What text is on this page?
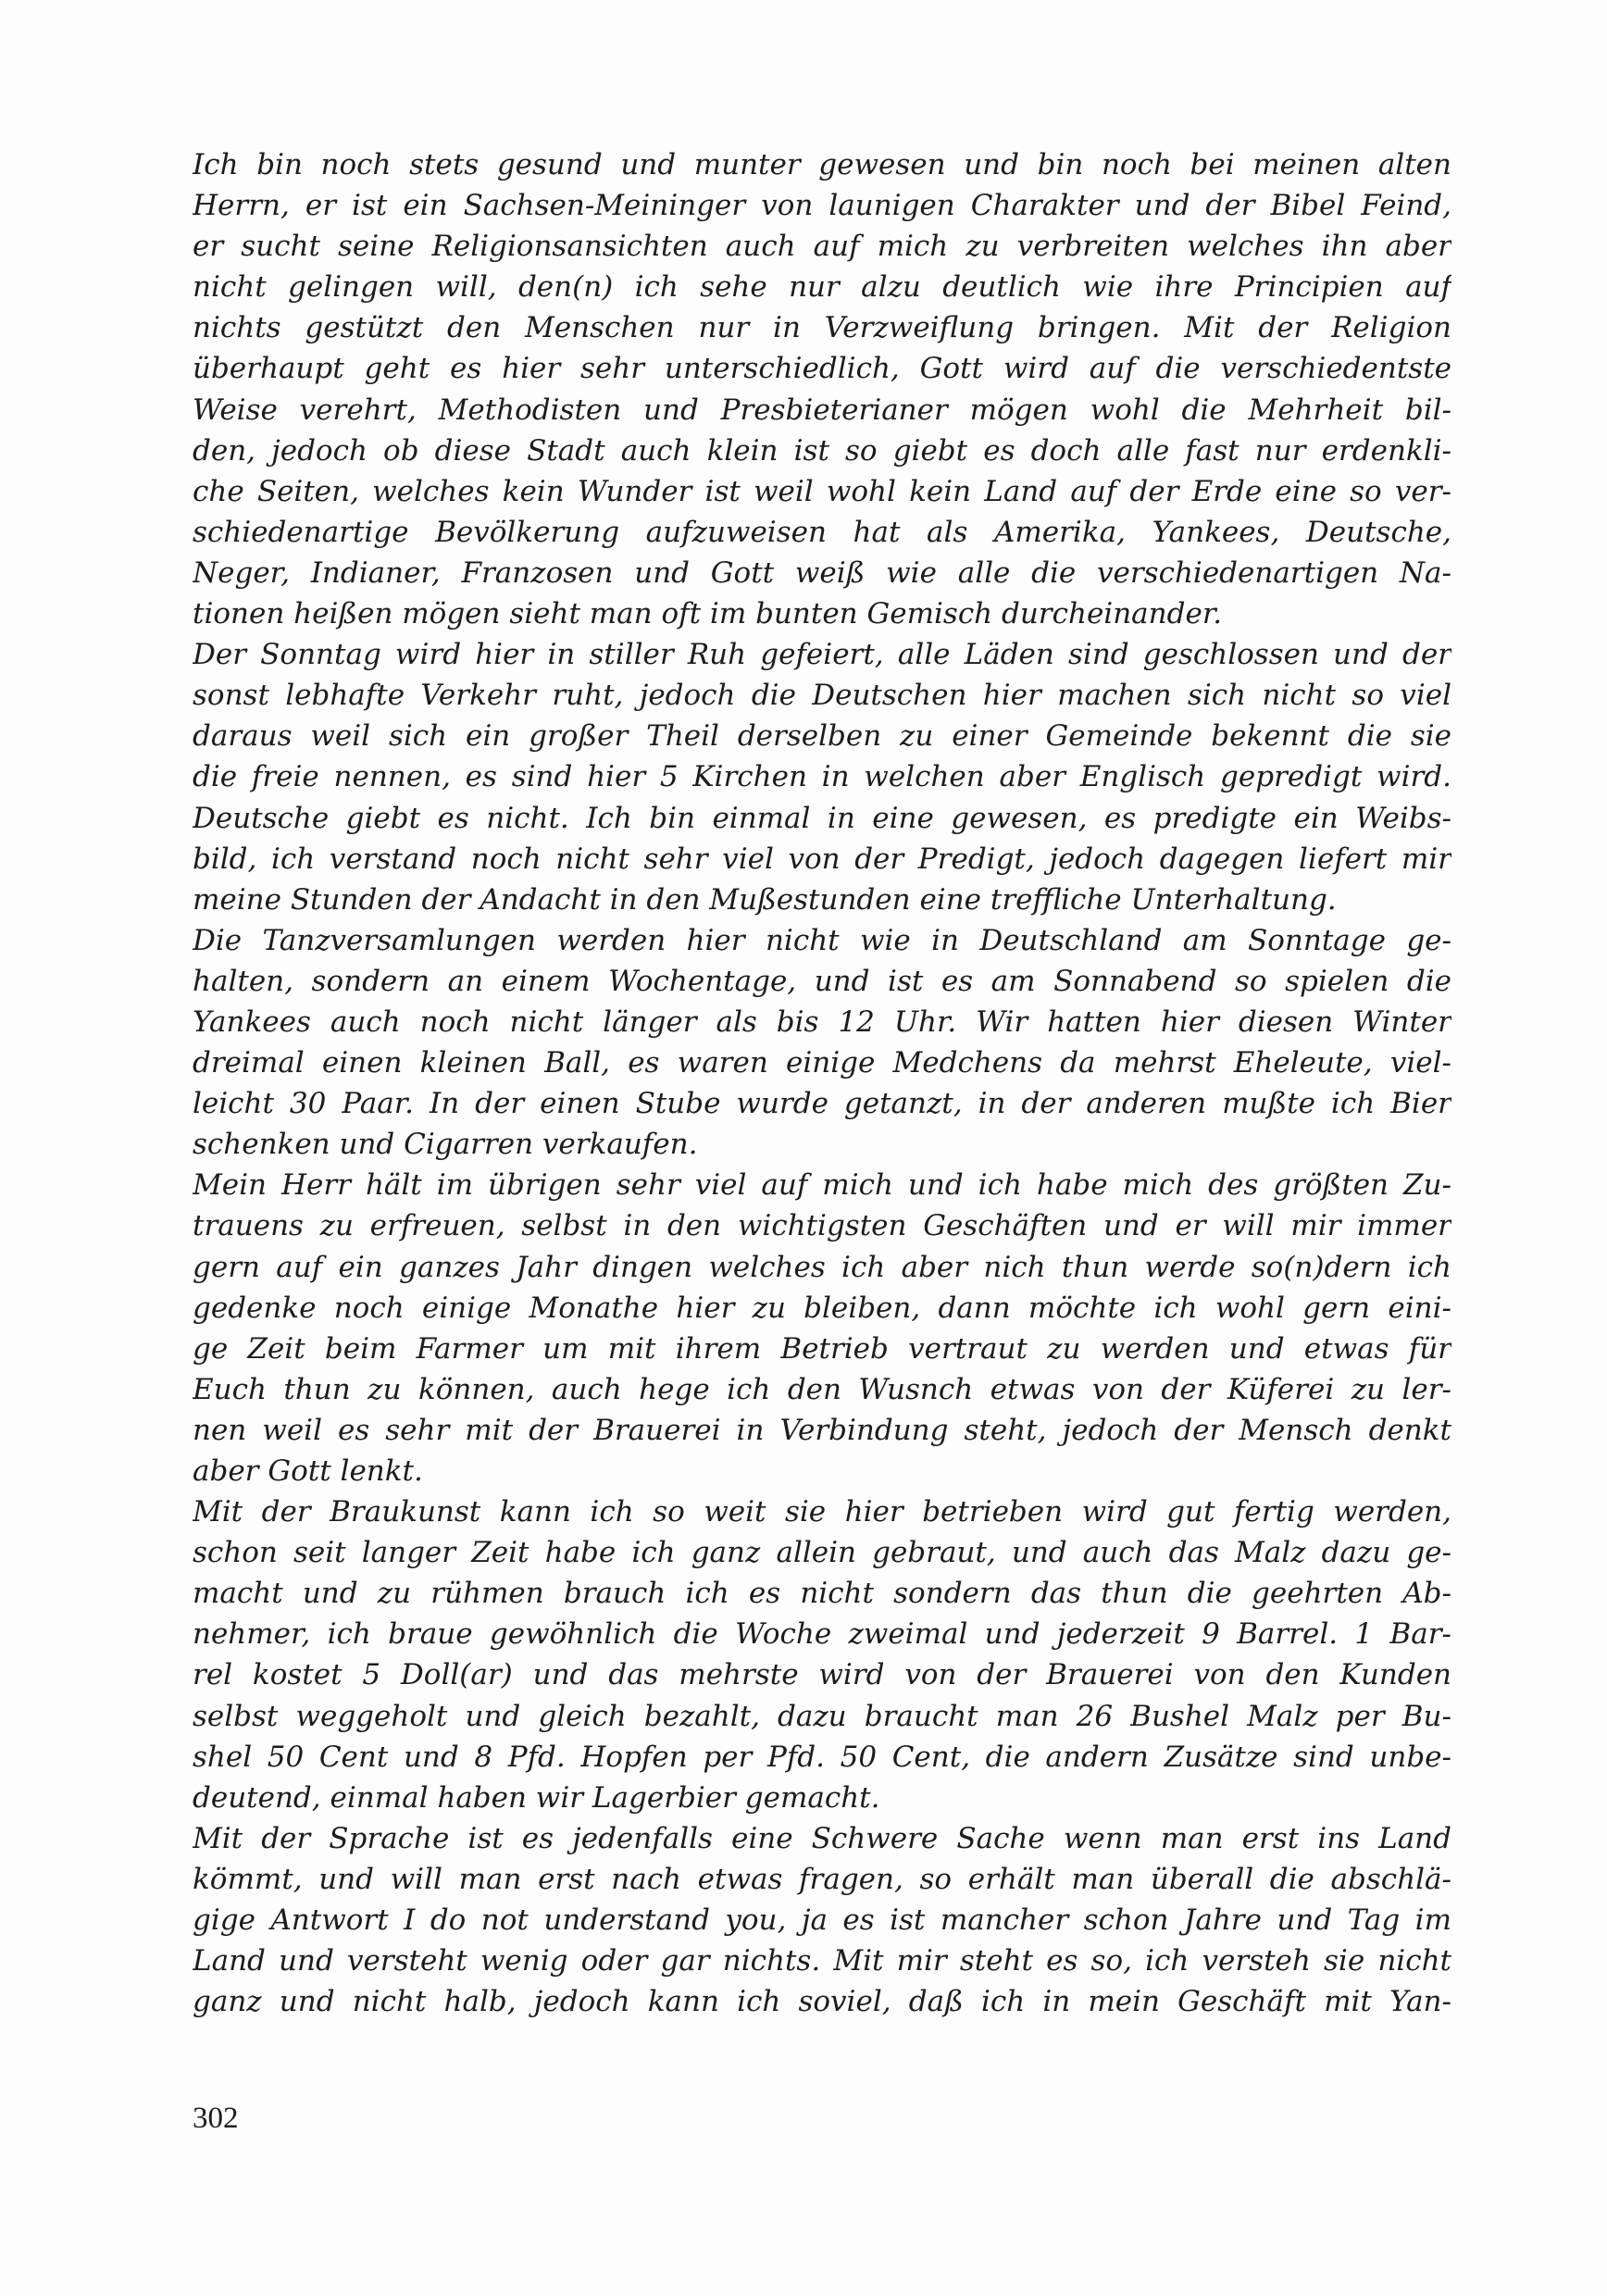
Ich bin noch stets gesund und munter gewesen und bin noch bei meinen alten
Herrn, er ist ein Sachsen-Meininger von launigen Charakter und der Bibel Feind,
er sucht seine Religionsansichten auch auf mich zu verbreiten welches ihn aber
nicht gelingen will, den(n) ich sehe nur alzu deutlich wie ihre Principien auf
nichts gestützt den Menschen nur in Verzweiflung bringen. Mit der Religion
überhaupt geht es hier sehr unterschiedlich, Gott wird auf die verschiedentste
Weise verehrt, Methodisten und Presbieterianer mögen wohl die Mehrheit bil-
den, jedoch ob diese Stadt auch klein ist so giebt es doch alle fast nur erdenkli-
che Seiten, welches kein Wunder ist weil wohl kein Land auf der Erde eine so ver-
schiedenartige Bevölkerung aufzuweisen hat als Amerika, Yankees, Deutsche,
Neger, Indianer, Franzosen und Gott weiß wie alle die verschiedenartigen Na-
tionen heißen mögen sieht man oft im bunten Gemisch durcheinander.
Der Sonntag wird hier in stiller Ruh gefeiert, alle Läden sind geschlossen und der
sonst lebhafte Verkehr ruht, jedoch die Deutschen hier machen sich nicht so viel
daraus weil sich ein großer Theil derselben zu einer Gemeinde bekennt die sie
die freie nennen, es sind hier 5 Kirchen in welchen aber Englisch gepredigt wird.
Deutsche giebt es nicht. Ich bin einmal in eine gewesen, es predigte ein Weibs-
bild, ich verstand noch nicht sehr viel von der Predigt, jedoch dagegen liefert mir
meine Stunden der Andacht in den Mußestunden eine treffliche Unterhaltung.
Die Tanzversamlungen werden hier nicht wie in Deutschland am Sonntage ge-
halten, sondern an einem Wochentage, und ist es am Sonnabend so spielen die
Yankees auch noch nicht länger als bis 12 Uhr. Wir hatten hier diesen Winter
dreimal einen kleinen Ball, es waren einige Medchens da mehrst Eheleute, viel-
leicht 30 Paar. In der einen Stube wurde getanzt, in der anderen mußte ich Bier
schenken und Cigarren verkaufen.
Mein Herr hält im übrigen sehr viel auf mich und ich habe mich des größten Zu-
trauens zu erfreuen, selbst in den wichtigsten Geschäften und er will mir immer
gern auf ein ganzes Jahr dingen welches ich aber nich thun werde so(n)dern ich
gedenke noch einige Monathe hier zu bleiben, dann möchte ich wohl gern eini-
ge Zeit beim Farmer um mit ihrem Betrieb vertraut zu werden und etwas für
Euch thun zu können, auch hege ich den Wusnch etwas von der Küferei zu ler-
nen weil es sehr mit der Brauerei in Verbindung steht, jedoch der Mensch denkt
aber Gott lenkt.
Mit der Braukunst kann ich so weit sie hier betrieben wird gut fertig werden,
schon seit langer Zeit habe ich ganz allein gebraut, und auch das Malz dazu ge-
macht und zu rühmen brauch ich es nicht sondern das thun die geehrten Ab-
nehmer, ich braue gewöhnlich die Woche zweimal und jederzeit 9 Barrel. 1 Bar-
rel kostet 5 Doll(ar) und das mehrste wird von der Brauerei von den Kunden
selbst weggeholt und gleich bezahlt, dazu braucht man 26 Bushel Malz per Bu-
shel 50 Cent und 8 Pfd. Hopfen per Pfd. 50 Cent, die andern Zusätze sind unbe-
deutend, einmal haben wir Lagerbier gemacht.
Mit der Sprache ist es jedenfalls eine Schwere Sache wenn man erst ins Land
kömmt, und will man erst nach etwas fragen, so erhält man überall die abschlä-
gige Antwort I do not understand you, ja es ist mancher schon Jahre und Tag im
Land und versteht wenig oder gar nichts. Mit mir steht es so, ich versteh sie nicht
ganz und nicht halb, jedoch kann ich soviel, daß ich in mein Geschäft mit Yan-
302
